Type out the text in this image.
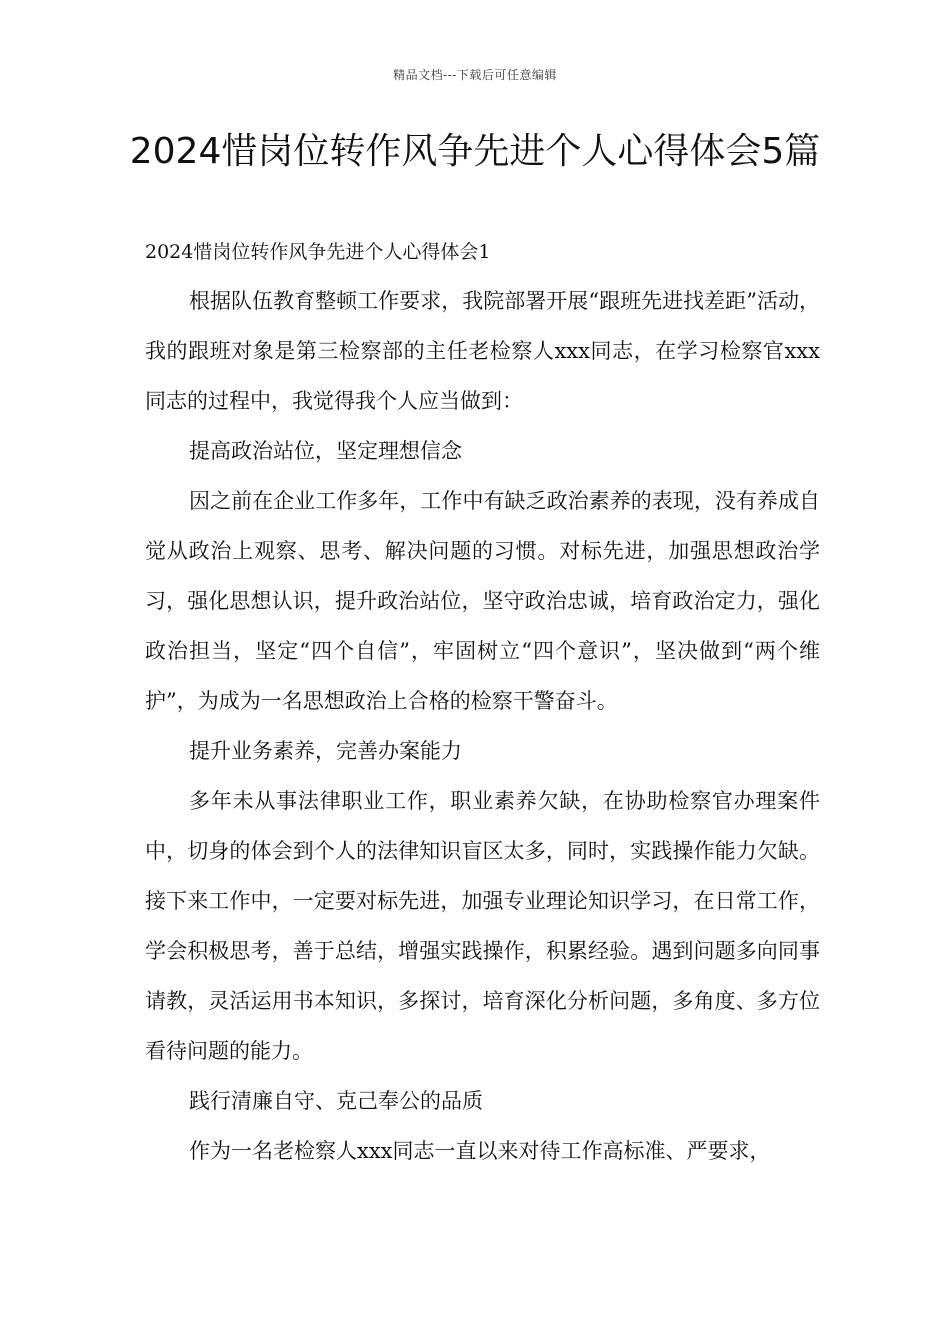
精品文档---下载后可任意编辑
2024惜岗位转作风争先进个人心得体会5篇

2024惜岗位转作风争先进个人心得体会1

根据队伍教育整顿工作要求，我院部署开展“跟班先进找差距”活动，我的跟班对象是第三检察部的主任老检察人xxx同志，在学习检察官xxx同志的过程中，我觉得我个人应当做到：

提高政治站位，坚定理想信念

因之前在企业工作多年，工作中有缺乏政治素养的表现，没有养成自觉从政治上观察、思考、解决问题的习惯。对标先进，加强思想政治学习，强化思想认识，提升政治站位，坚守政治忠诚，培育政治定力，强化政治担当，坚定“四个自信”，牢固树立“四个意识”，坚决做到“两个维护”，为成为一名思想政治上合格的检察干警奋斗。

提升业务素养，完善办案能力

多年未从事法律职业工作，职业素养欠缺，在协助检察官办理案件中，切身的体会到个人的法律知识盲区太多，同时，实践操作能力欠缺。接下来工作中，一定要对标先进，加强专业理论知识学习，在日常工作，学会积极思考，善于总结，增强实践操作，积累经验。遇到问题多向同事请教，灵活运用书本知识，多探讨，培育深化分析问题，多角度、多方位看待问题的能力。

践行清廉自守、克己奉公的品质

作为一名老检察人xxx同志一直以来对待工作高标准、严要求，
